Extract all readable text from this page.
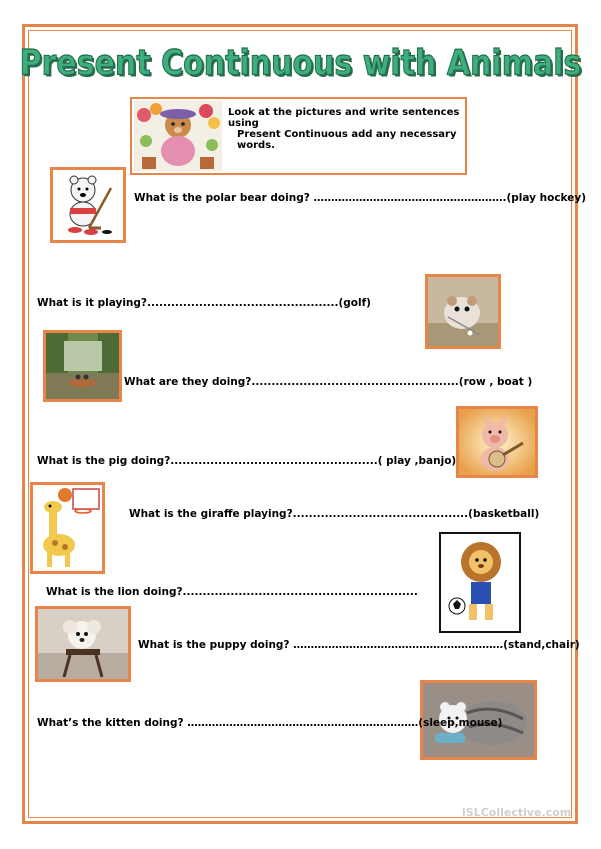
Present Continuous with Animals
Look at the pictures and write sentences using
Present Continuous add any necessary words.
What is the polar bear doing? ……………………………………………….(play hockey)
What is it playing?................................................(golf)
What are they doing?....................................................(row , boat )
What is the pig doing?....................................................( play ,banjo)
What is the giraffe playing?............................................(basketball)
What is the lion doing?...........................................................
What is the puppy doing? ……………………………………………………(stand,chair)
What’s the kitten doing? …………………………………………………………(sleep,mouse)
iSLCollective.com
